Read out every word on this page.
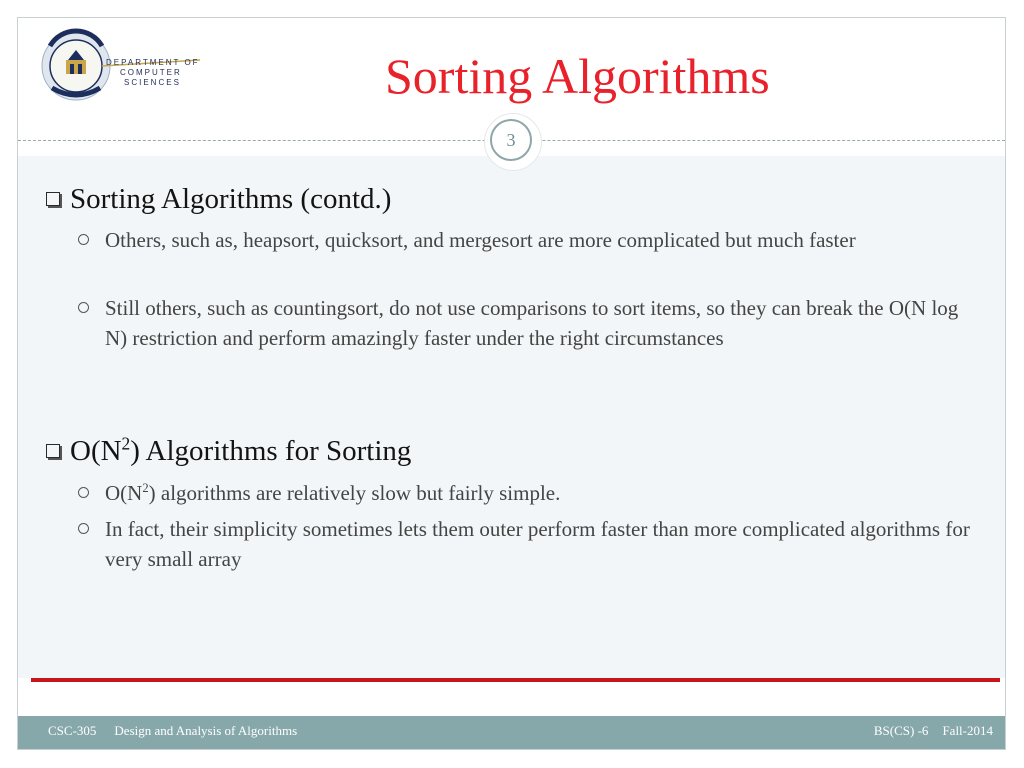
DEPARTMENT OF
COMPUTER
SCIENCES	Sorting Algorithms
3
Sorting Algorithms (contd.)
Others, such as, heapsort, quicksort, and mergesort are more complicated but much faster
Still others, such as countingsort, do not use comparisons to sort items, so they can break the O(N log N) restriction and perform amazingly faster under the right circumstances
$O(N^2)$ Algorithms for Sorting
$O(N^2)$ algorithms are relatively slow but fairly simple.
In fact, their simplicity sometimes lets them outer perform faster than more complicated algorithms for very small array
CSC-305 Design and Analysis of Algorithms	BS(CS) -6 Fall-2014
